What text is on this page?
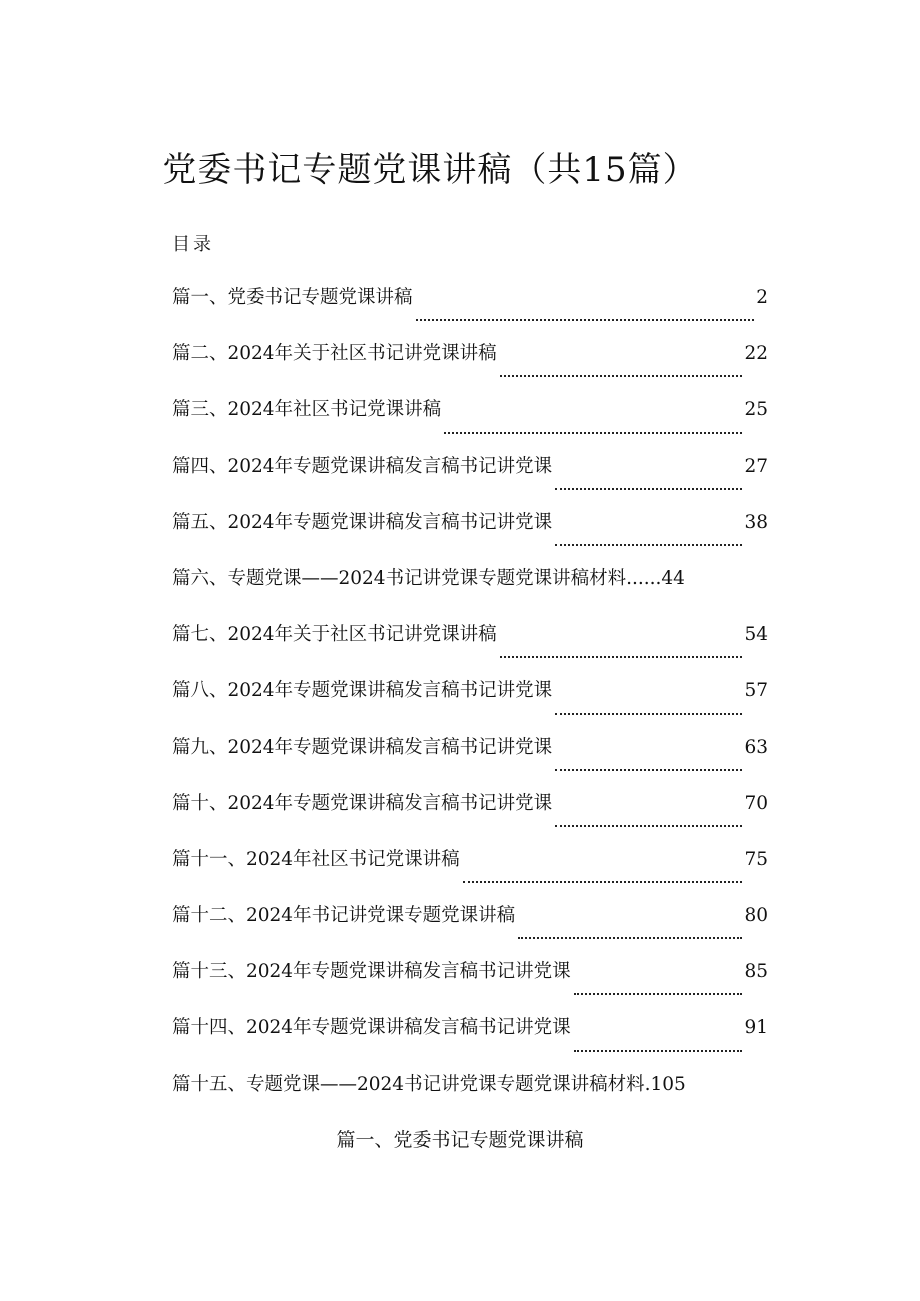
党委书记专题党课讲稿（共15篇）
目录
篇一、党委书记专题党课讲稿	2
篇二、2024年关于社区书记讲党课讲稿	22
篇三、2024年社区书记党课讲稿	25
篇四、2024年专题党课讲稿发言稿书记讲党课	27
篇五、2024年专题党课讲稿发言稿书记讲党课	38
篇六、专题党课——2024书记讲党课专题党课讲稿材料......44
篇七、2024年关于社区书记讲党课讲稿	54
篇八、2024年专题党课讲稿发言稿书记讲党课	57
篇九、2024年专题党课讲稿发言稿书记讲党课	63
篇十、2024年专题党课讲稿发言稿书记讲党课	70
篇十一、2024年社区书记党课讲稿	75
篇十二、2024年书记讲党课专题党课讲稿	80
篇十三、2024年专题党课讲稿发言稿书记讲党课	85
篇十四、2024年专题党课讲稿发言稿书记讲党课	91
篇十五、专题党课——2024书记讲党课专题党课讲稿材料.105
篇一、党委书记专题党课讲稿
